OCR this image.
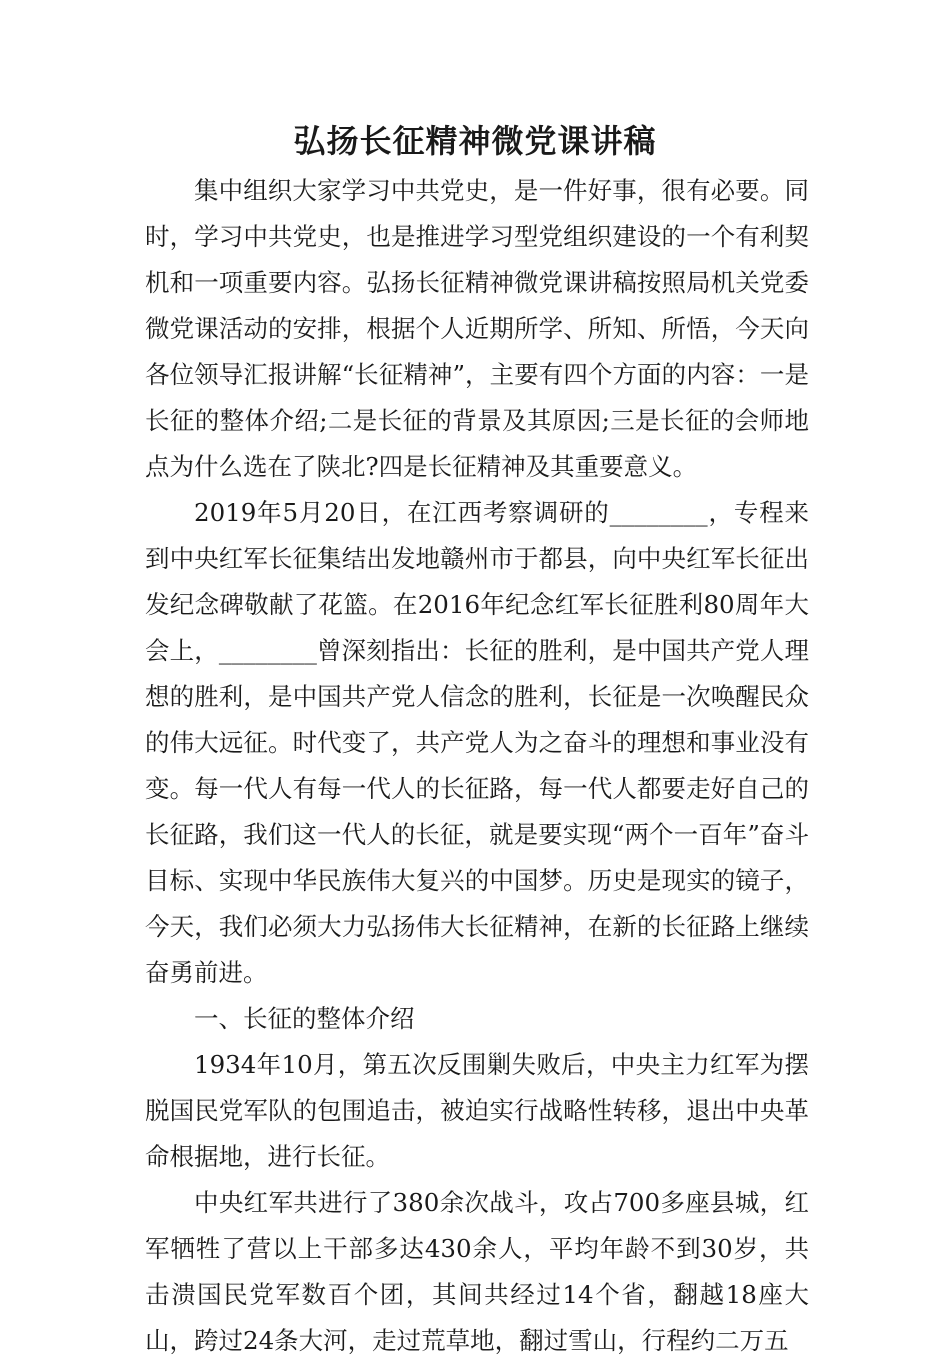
弘扬长征精神微党课讲稿

集中组织大家学习中共党史，是一件好事，很有必要。同时，学习中共党史，也是推进学习型党组织建设的一个有利契机和一项重要内容。弘扬长征精神微党课讲稿按照局机关党委微党课活动的安排，根据个人近期所学、所知、所悟，今天向各位领导汇报讲解“长征精神”，主要有四个方面的内容：一是长征的整体介绍;二是长征的背景及其原因;三是长征的会师地点为什么选在了陕北?四是长征精神及其重要意义。

2019年5月20日，在江西考察调研的________，专程来到中央红军长征集结出发地赣州市于都县，向中央红军长征出发纪念碑敬献了花篮。在2016年纪念红军长征胜利80周年大会上，________曾深刻指出：长征的胜利，是中国共产党人理想的胜利，是中国共产党人信念的胜利，长征是一次唤醒民众的伟大远征。时代变了，共产党人为之奋斗的理想和事业没有变。每一代人有每一代人的长征路，每一代人都要走好自己的长征路，我们这一代人的长征，就是要实现“两个一百年”奋斗目标、实现中华民族伟大复兴的中国梦。历史是现实的镜子，今天，我们必须大力弘扬伟大长征精神，在新的长征路上继续奋勇前进。

一、长征的整体介绍

1934年10月，第五次反围剿失败后，中央主力红军为摆脱国民党军队的包围追击，被迫实行战略性转移，退出中央革命根据地，进行长征。

中央红军共进行了380余次战斗，攻占700多座县城，红军牺牲了营以上干部多达430余人，平均年龄不到30岁，共击溃国民党军数百个团，其间共经过14个省，翻越18座大山，跨过24条大河，走过荒草地，翻过雪山，行程约二万五
